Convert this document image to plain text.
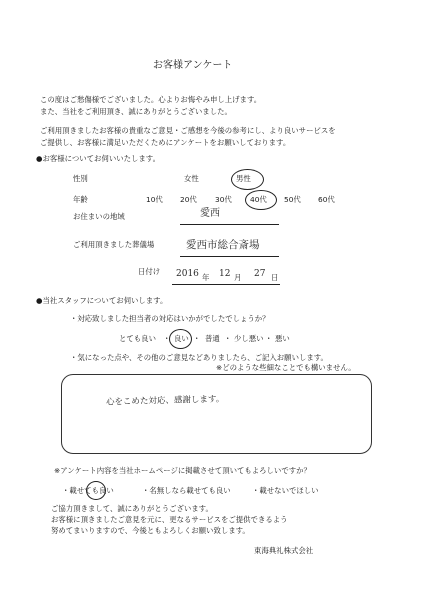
お客様アンケート
この度はご愁傷様でございました。心よりお悔やみ申し上げます。
また、当社をご利用頂き、誠にありがとうございました。
ご利用頂きましたお客様の貴重なご意見・ご感想を今後の参考にし、より良いサービスを
ご提供し、お客様に満足いただくためにアンケートをお願いしております。
●お客様についてお伺いいたします。
性別	女性	男性
年齢	10代 20代 30代 40代 50代 60代
お住まいの地域	愛西
ご利用頂きました葬儀場	愛西市総合斎場
日付け 2016 年 12 月 27 日
●当社スタッフについてお伺いします。
・対応致しました担当者の対応はいかがでしたでしょうか？
とても良い ・ 良い ・ 普通 ・ 少し悪い ・ 悪い
・気になった点や、その他のご意見などありましたら、ご記入お願いします。
※どのような些細なことでも構いません。
心をこめた対応、感謝します。
※アンケート内容を当社ホームページに掲載させて頂いてもよろしいですか？
・載せても良い	・名無しなら載せても良い	・載せないでほしい
ご協力頂きまして、誠にありがとうございます。
お客様に頂きましたご意見を元に、更なるサービスをご提供できるよう
努めてまいりますので、今後ともよろしくお願い致します。
東海典礼株式会社
